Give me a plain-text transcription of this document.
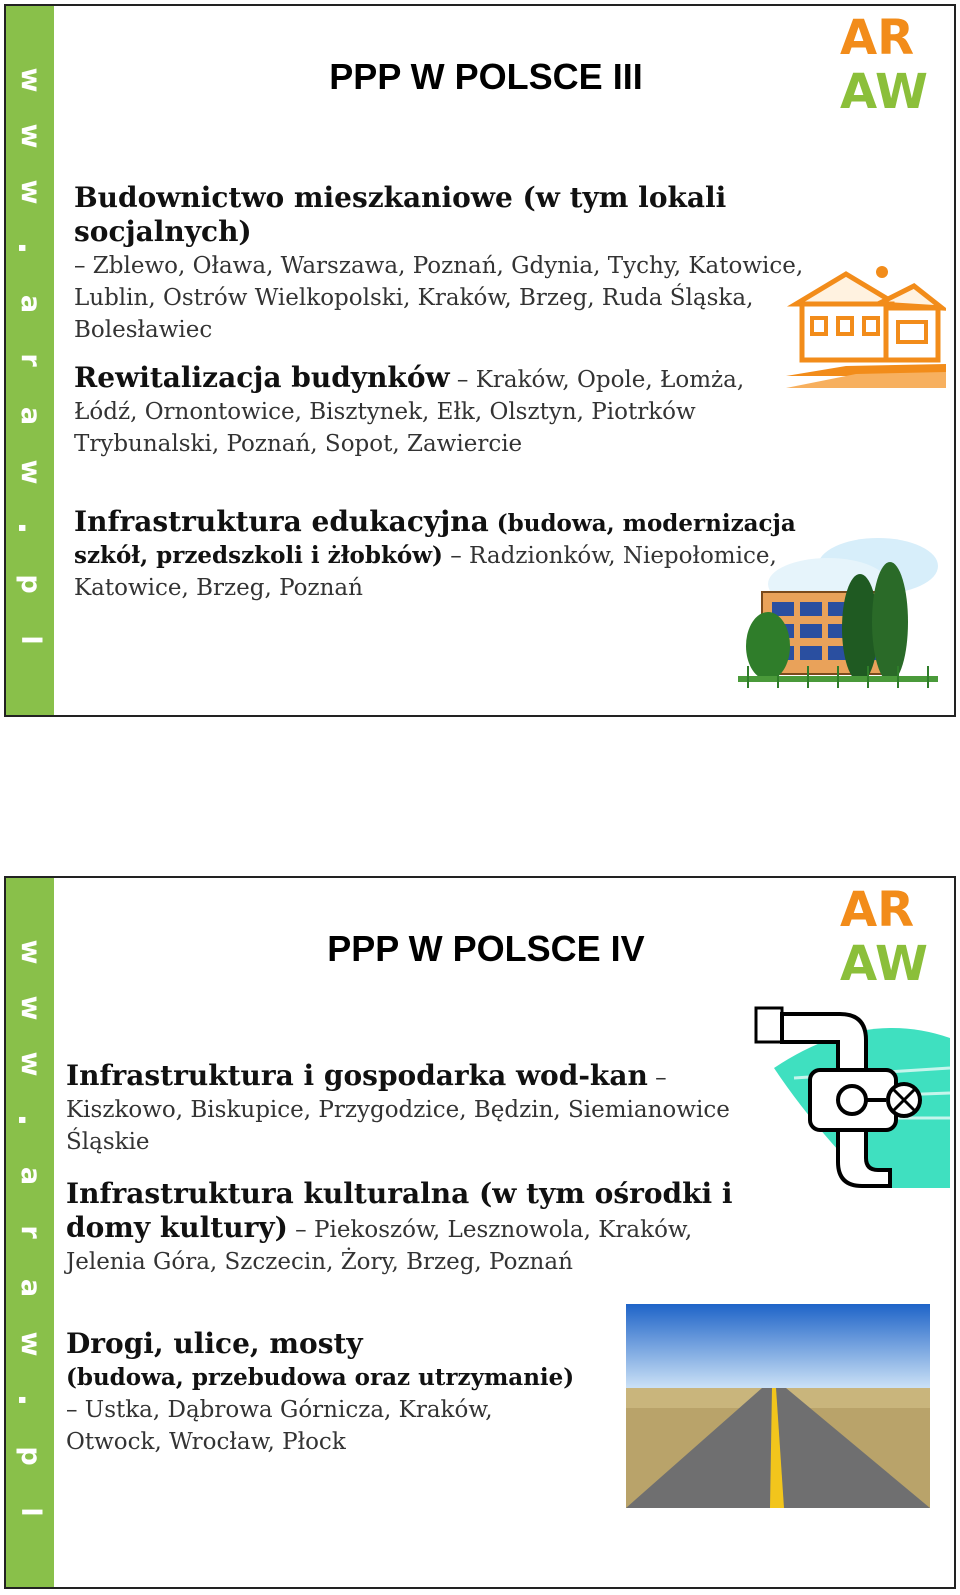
w
w
w
.
a
r
a
w
.
p
l
AR
AW
PPP W POLSCE III

Budownictwo mieszkaniowe (w tym lokali socjalnych)
– Zblewo, Oława, Warszawa, Poznań, Gdynia, Tychy, Katowice, Lublin, Ostrów Wielkopolski, Kraków, Brzeg, Ruda Śląska, Bolesławiec

Rewitalizacja budynków – Kraków, Opole, Łomża, Łódź, Ornontowice, Bisztynek, Ełk, Olsztyn, Piotrków Trybunalski, Poznań, Sopot, Zawiercie

Infrastruktura edukacyjna (budowa, modernizacja szkół, przedszkoli i żłobków) – Radzionków, Niepołomice, Katowice, Brzeg, Poznań

w
w
w
.
a
r
a
w
.
p
l
AR
AW
PPP W POLSCE IV

Infrastruktura i gospodarka wod-kan – Kiszkowo, Biskupice, Przygodzice, Będzin, Siemianowice Śląskie

Infrastruktura kulturalna (w tym ośrodki i domy kultury) – Piekoszów, Lesznowola, Kraków, Jelenia Góra, Szczecin, Żory, Brzeg, Poznań

Drogi, ulice, mosty
(budowa, przebudowa oraz utrzymanie)
– Ustka, Dąbrowa Górnicza, Kraków, Otwock, Wrocław, Płock
